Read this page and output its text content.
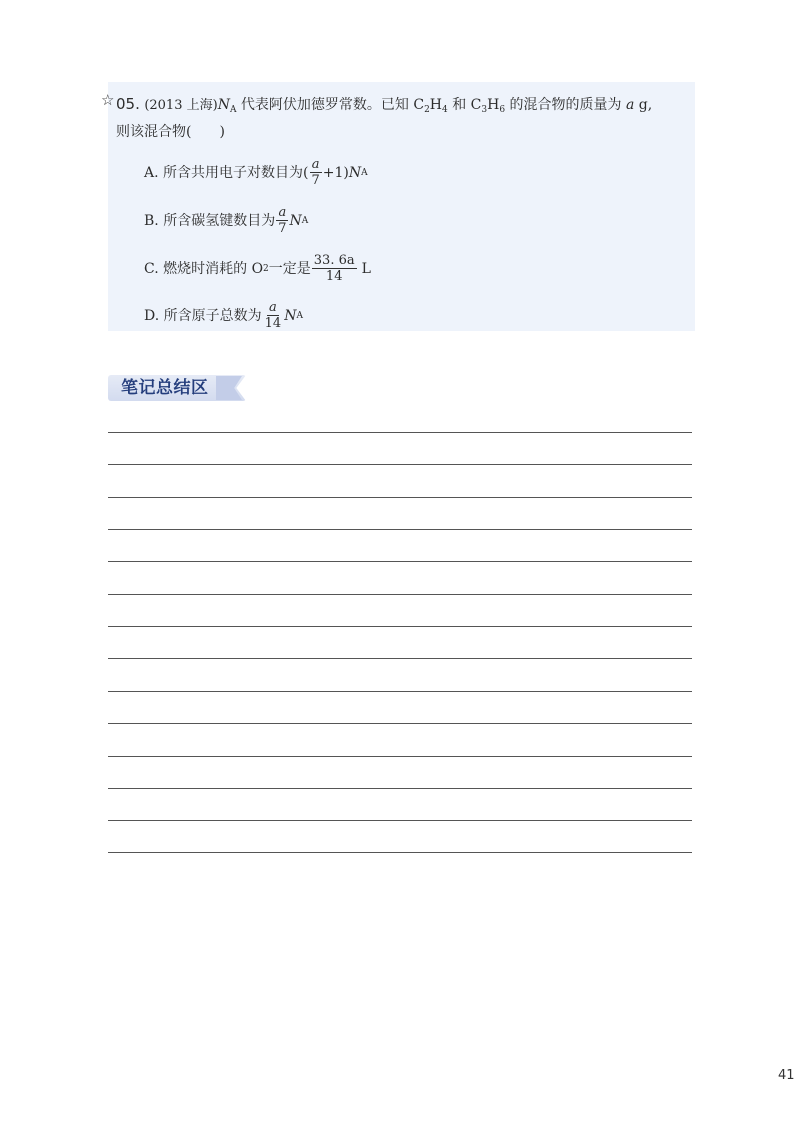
☆ 05. (2013 上海)$N_A$ 代表阿伏加德罗常数。已知 $C_2H_4$ 和 $C_3H_6$ 的混合物的质量为 a g,
则该混合物(　　)
A. 所含共用电子对数目为( $\frac{a}{7} +1$) N A
B. 所含碳氢键数目为 $\frac{a}{7}$ N A
C. 燃烧时消耗的 O 2 一定是 $\frac{33. 6a}{14}$ L
D. 所含原子总数为 $\frac{a}{14}$ N A
笔记总结区
41
